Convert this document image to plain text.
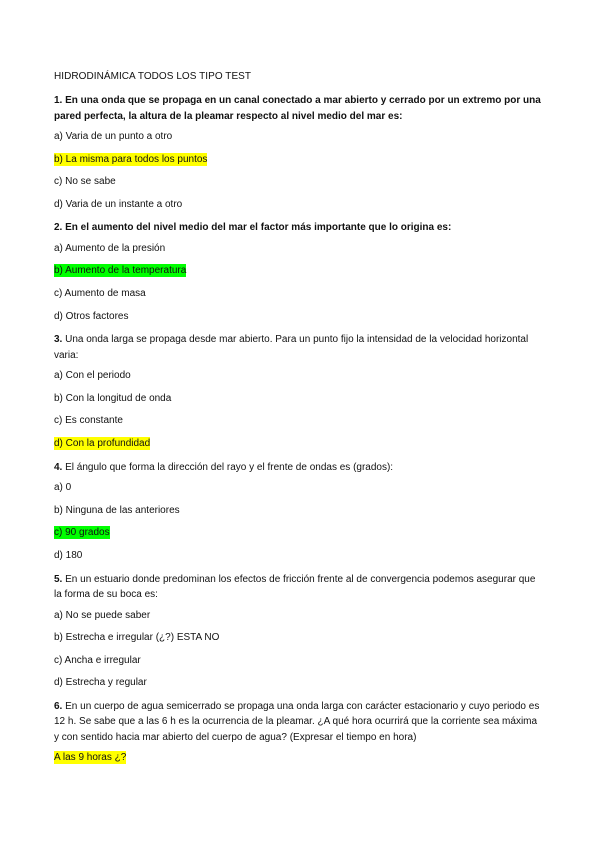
HIDRODINÁMICA TODOS LOS TIPO TEST
1. En una onda que se propaga en un canal conectado a mar abierto y cerrado por un extremo por una pared perfecta, la altura de la pleamar respecto al nivel medio del mar es:
a) Varia de un punto a otro
b) La misma para todos los puntos
c) No se sabe
d) Varia de un instante a otro
2. En el aumento del nivel medio del mar el factor más importante que lo origina es:
a) Aumento de la presión
b) Aumento de la temperatura
c) Aumento de masa
d) Otros factores
3. Una onda larga se propaga desde mar abierto. Para un punto fijo la intensidad de la velocidad horizontal varia:
a) Con el periodo
b) Con la longitud de onda
c) Es constante
d) Con la profundidad
4. El ángulo que forma la dirección del rayo y el frente de ondas es (grados):
a) 0
b) Ninguna de las anteriores
c) 90 grados
d) 180
5. En un estuario donde predominan los efectos de fricción frente al de convergencia podemos asegurar que la forma de su boca es:
a) No se puede saber
b) Estrecha e irregular (¿?) ESTA NO
c) Ancha e irregular
d) Estrecha y regular
6. En un cuerpo de agua semicerrado se propaga una onda larga con carácter estacionario y cuyo periodo es 12 h. Se sabe que a las 6 h es la ocurrencia de la pleamar. ¿A qué hora ocurrirá que la corriente sea máxima y con sentido hacia mar abierto del cuerpo de agua? (Expresar el tiempo en hora)
A las 9 horas ¿?
